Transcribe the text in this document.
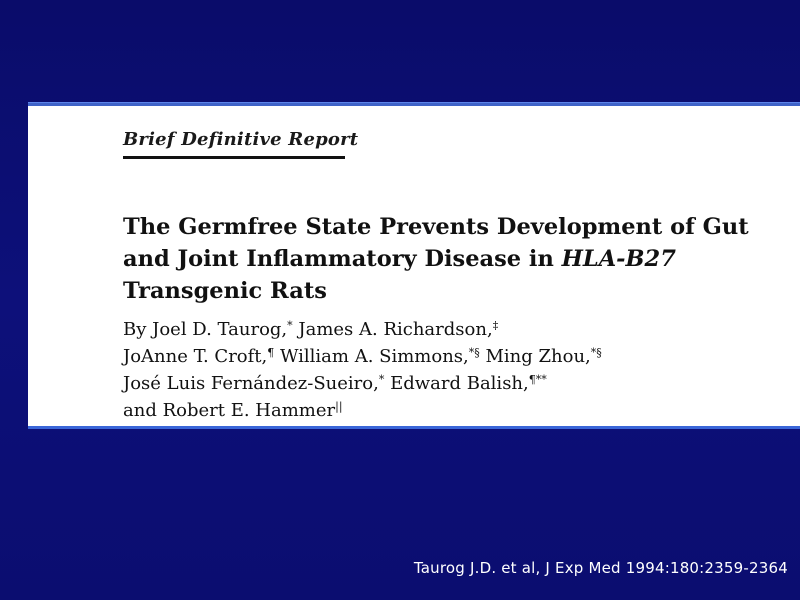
Brief Definitive Report

The Germfree State Prevents Development of Gut and Joint Inflammatory Disease in HLA-B27 Transgenic Rats

By Joel D. Taurog,* James A. Richardson,‡
JoAnne T. Croft,¶ William A. Simmons,*§ Ming Zhou,*§
José Luis Fernández-Sueiro,* Edward Balish,¶**
and Robert E. Hammer||

Taurog J.D. et al, J Exp Med 1994:180:2359-2364
